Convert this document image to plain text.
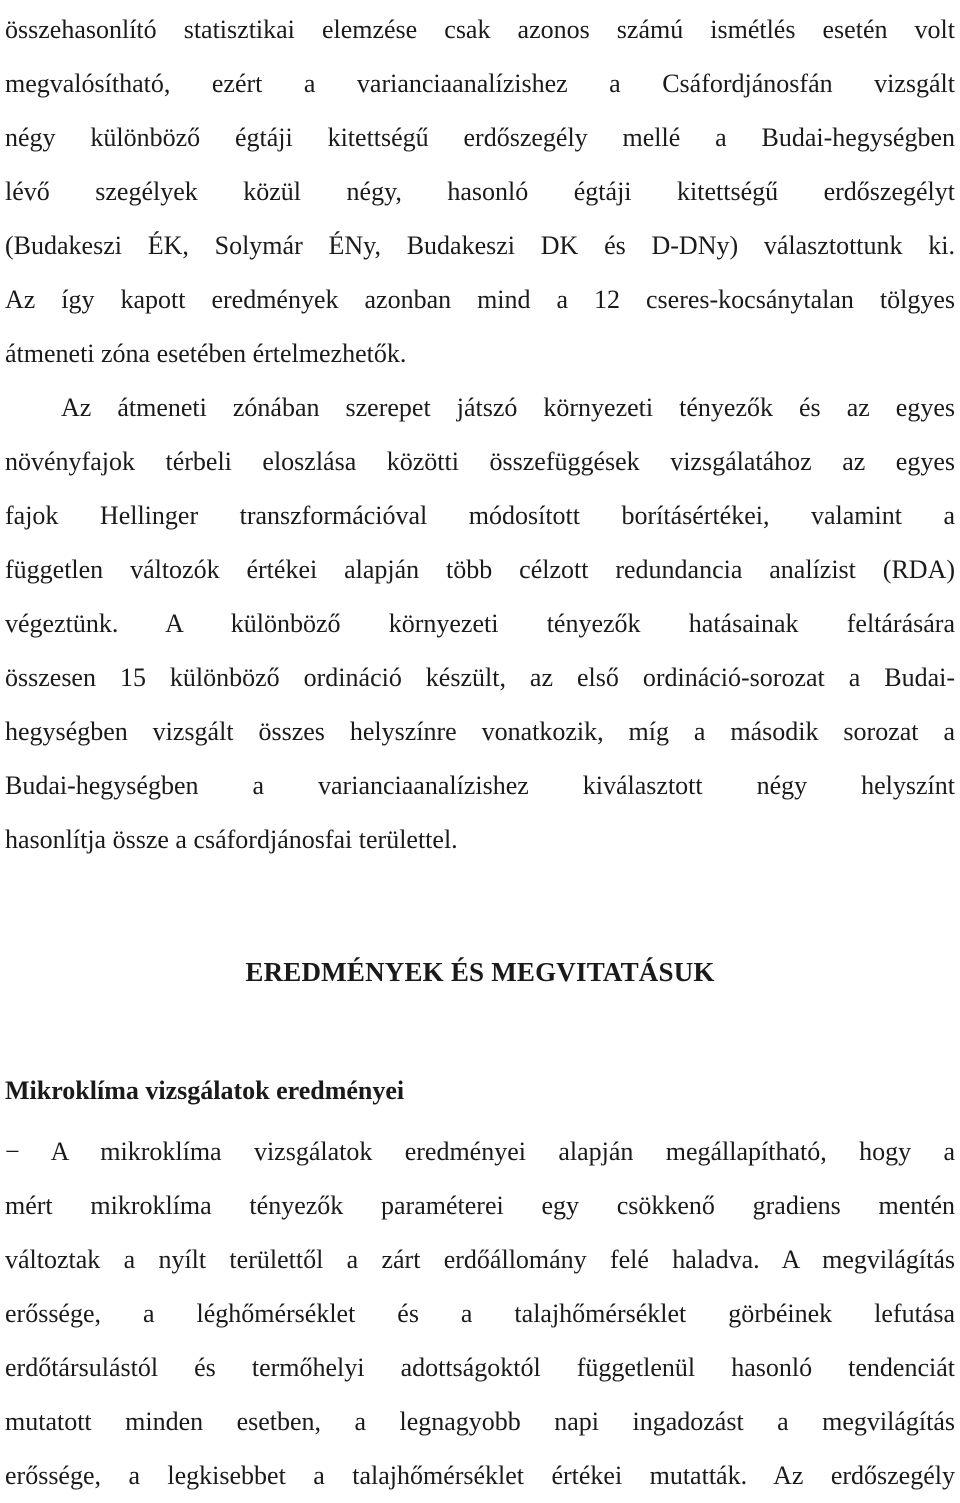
összehasonlító statisztikai elemzése csak azonos számú ismétlés esetén volt
megvalósítható, ezért a varianciaanalízishez a Csáfordjánosfán vizsgált
négy különböző égtáji kitettségű erdőszegély mellé a Budai-hegységben
lévő szegélyek közül négy, hasonló égtáji kitettségű erdőszegélyt
(Budakeszi ÉK, Solymár ÉNy, Budakeszi DK és D-DNy) választottunk ki.
Az így kapott eredmények azonban mind a 12 cseres-kocsánytalan tölgyes
átmeneti zóna esetében értelmezhetők.
Az átmeneti zónában szerepet játszó környezeti tényezők és az egyes
növényfajok térbeli eloszlása közötti összefüggések vizsgálatához az egyes
fajok Hellinger transzformációval módosított borításértékei, valamint a
független változók értékei alapján több célzott redundancia analízist (RDA)
végeztünk. A különböző környezeti tényezők hatásainak feltárására
összesen 15 különböző ordináció készült, az első ordináció-sorozat a Budai-
hegységben vizsgált összes helyszínre vonatkozik, míg a második sorozat a
Budai-hegységben a varianciaanalízishez kiválasztott négy helyszínt
hasonlítja össze a csáfordjánosfai területtel.
EREDMÉNYEK ÉS MEGVITATÁSUK
Mikroklíma vizsgálatok eredményei
− A mikroklíma vizsgálatok eredményei alapján megállapítható, hogy a
mért mikroklíma tényezők paraméterei egy csökkenő gradiens mentén
változtak a nyílt területtől a zárt erdőállomány felé haladva. A megvilágítás
erőssége, a léghőmérséklet és a talajhőmérséklet görbéinek lefutása
erdőtársulástól és termőhelyi adottságoktól függetlenül hasonló tendenciát
mutatott minden esetben, a legnagyobb napi ingadozást a megvilágítás
erőssége, a legkisebbet a talajhőmérséklet értékei mutatták. Az erdőszegély
